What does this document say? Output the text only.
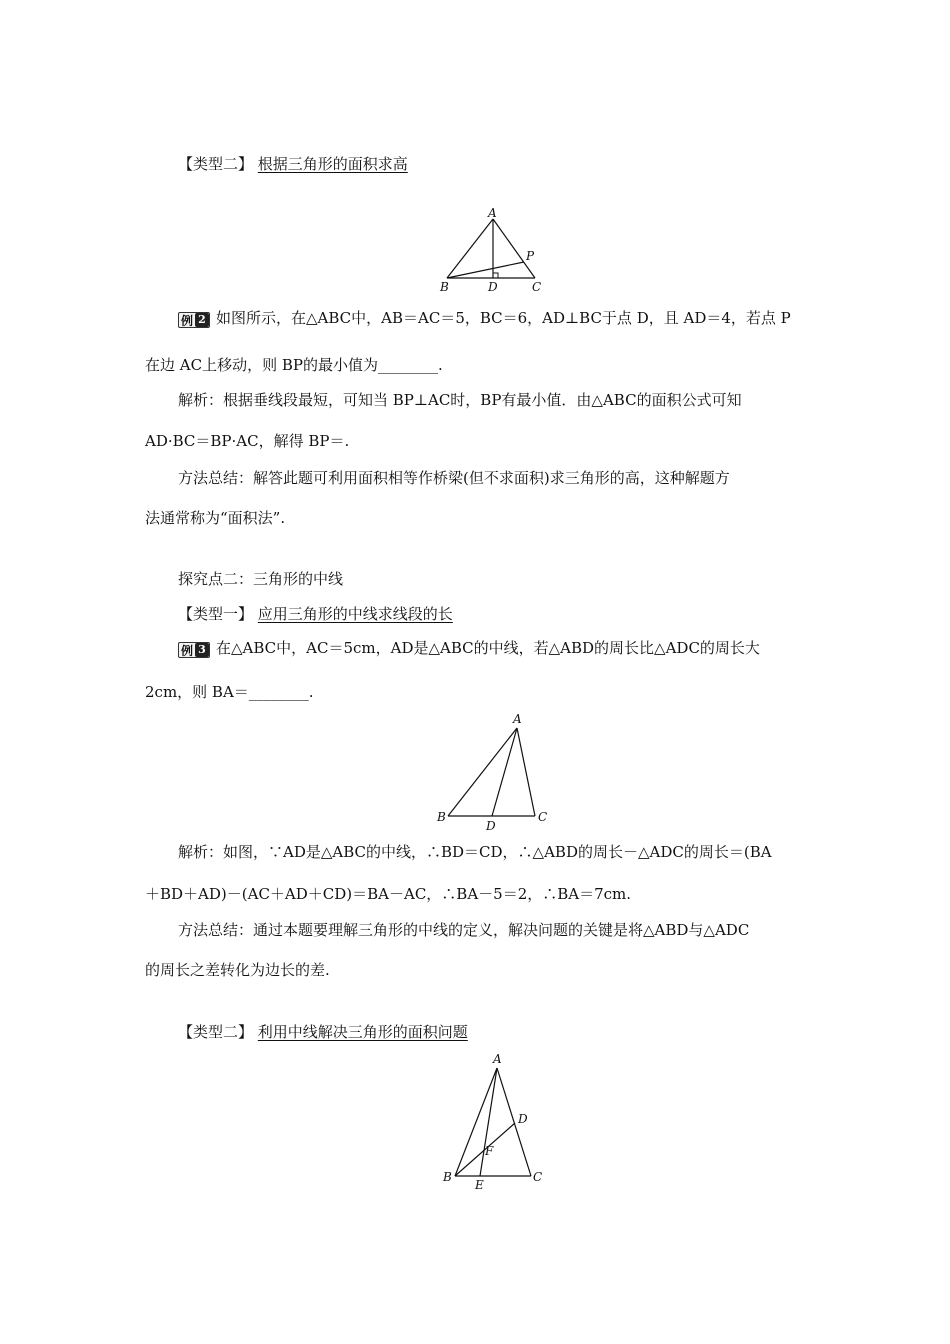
【类型二】 根据三角形的面积求高
A
B	D	C
P
例 2 如图所示，在△ABC中，AB＝AC＝5，BC＝6，AD⊥BC于点 D，且 AD＝4，若点 P
在边 AC上移动，则 BP的最小值为________.
解析：根据垂线段最短，可知当 BP⊥AC时，BP有最小值．由△ABC的面积公式可知
AD·BC＝BP·AC，解得 BP＝.
方法总结：解答此题可利用面积相等作桥梁(但不求面积)求三角形的高，这种解题方
法通常称为“面积法”.
探究点二：三角形的中线
【类型一】 应用三角形的中线求线段的长
例 3 在△ABC中，AC＝5cm，AD是△ABC的中线，若△ABD的周长比△ADC的周长大
2cm，则 BA＝________.
A
B
D
C
解析：如图，∵AD是△ABC的中线，∴BD＝CD，∴△ABD的周长－△ADC的周长＝(BA
＋BD＋AD)－(AC＋AD＋CD)＝BA－AC，∴BA－5＝2，∴BA＝7cm.
方法总结：通过本题要理解三角形的中线的定义，解决问题的关键是将△ABD与△ADC
的周长之差转化为边长的差.
【类型二】 利用中线解决三角形的面积问题
A
D
F
B
E
C
